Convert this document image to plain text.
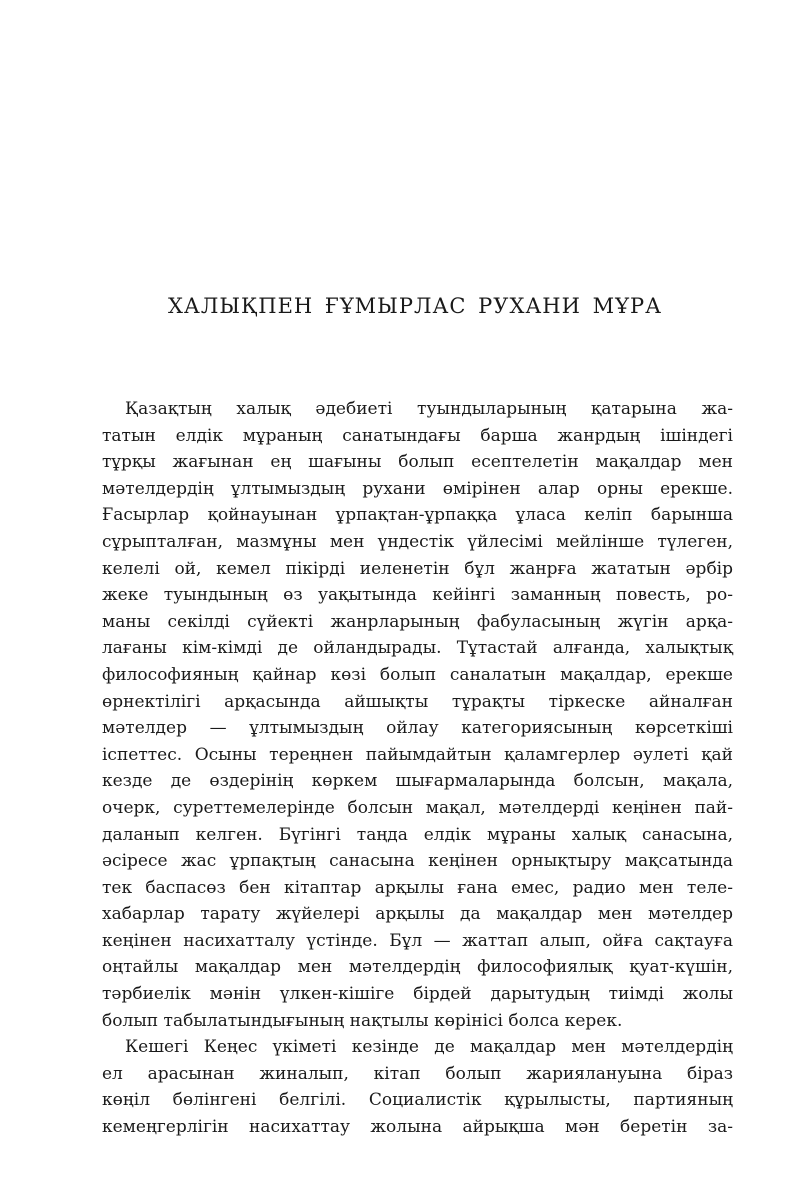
ХАЛЫҚПЕН ҒҰМЫРЛАС РУХАНИ МҰРА

Қазақтың халық әдебиеті туындыларының қатарына жа-
татын елдік мұраның санатындағы барша жанрдың ішіндегі
тұрқы жағынан ең шағыны болып есептелетін мақалдар мен
мәтелдердің ұлтымыздың рухани өмірінен алар орны ерекше.
Ғасырлар қойнауынан ұрпақтан-ұрпаққа ұласа келіп барынша
сұрыпталған, мазмұны мен үндестік үйлесімі мейлінше түлеген,
келелі ой, кемел пікірді иеленетін бұл жанрға жататын әрбір
жеке туындының өз уақытында кейінгі заманның повесть, ро-
маны секілді сүйекті жанрларының фабуласының жүгін арқа-
лағаны кім-кімді де ойландырады. Тұтастай алғанда, халықтық
философияның қайнар көзі болып саналатын мақалдар, ерекше
өрнектілігі арқасында айшықты тұрақты тіркеске айналған
мәтелдер — ұлтымыздың ойлау категориясының көрсеткіші
іспеттес. Осыны тереңнен пайымдайтын қаламгерлер әулеті қай
кезде де өздерінің көркем шығармаларында болсын, мақала,
очерк, суреттемелерінде болсын мақал, мәтелдерді кеңінен пай-
даланып келген. Бүгінгі таңда елдік мұраны халық санасына,
әсіресе жас ұрпақтың санасына кеңінен орнықтыру мақсатында
тек баспасөз бен кітаптар арқылы ғана емес, радио мен теле-
хабарлар тарату жүйелері арқылы да мақалдар мен мәтелдер
кеңінен насихатталу үстінде. Бұл — жаттап алып, ойға сақтауға
оңтайлы мақалдар мен мәтелдердің философиялық қуат-күшін,
тәрбиелік мәнін үлкен-кішіге бірдей дарытудың тиімді жолы
болып табылатындығының нақтылы көрінісі болса керек.

Кешегі Кеңес үкіметі кезінде де мақалдар мен мәтелдердің
ел арасынан жиналып, кітап болып жариялануына біраз
көңіл бөлінгені белгілі. Социалистік құрылысты, партияның
кемеңгерлігін насихаттау жолына айрықша мән беретін за-
